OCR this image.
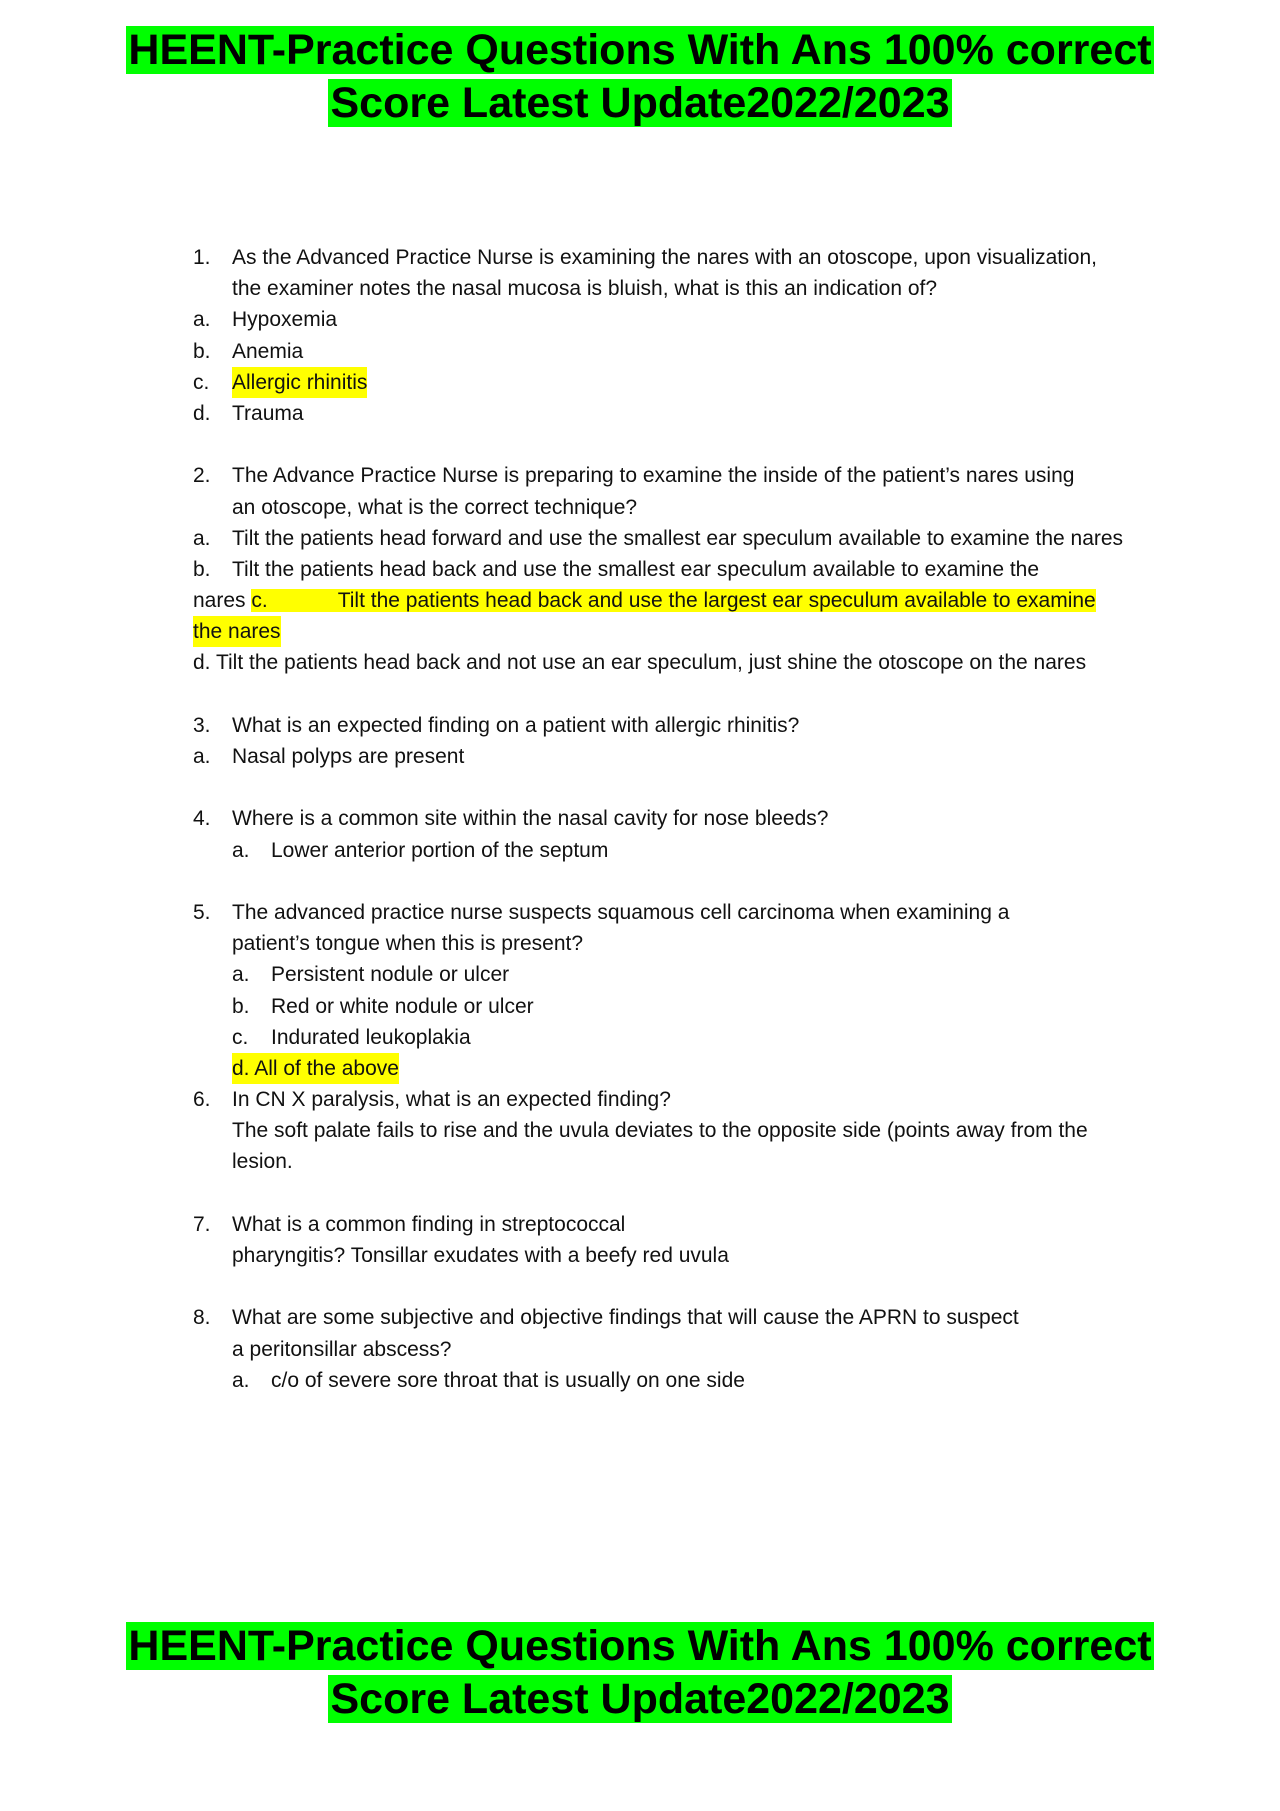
HEENT-Practice Questions With Ans 100% correct
Score Latest Update2022/2023
1. As the Advanced Practice Nurse is examining the nares with an otoscope, upon visualization,
the examiner notes the nasal mucosa is bluish, what is this an indication of?
a. Hypoxemia
b. Anemia
c. Allergic rhinitis
d. Trauma
2. The Advance Practice Nurse is preparing to examine the inside of the patient’s nares using
an otoscope, what is the correct technique?
a. Tilt the patients head forward and use the smallest ear speculum available to examine the nares
b. Tilt the patients head back and use the smallest ear speculum available to examine the
nares c.	Tilt the patients head back and use the largest ear speculum available to examine
the nares
d. Tilt the patients head back and not use an ear speculum, just shine the otoscope on the nares
3. What is an expected finding on a patient with allergic rhinitis?
a. Nasal polyps are present
4. Where is a common site within the nasal cavity for nose bleeds?
a. Lower anterior portion of the septum
5. The advanced practice nurse suspects squamous cell carcinoma when examining a
patient’s tongue when this is present?
a. Persistent nodule or ulcer
b. Red or white nodule or ulcer
c. Indurated leukoplakia
d. All of the above
6. In CN X paralysis, what is an expected finding?
The soft palate fails to rise and the uvula deviates to the opposite side (points away from the
lesion.
7. What is a common finding in streptococcal
pharyngitis? Tonsillar exudates with a beefy red uvula
8. What are some subjective and objective findings that will cause the APRN to suspect
a peritonsillar abscess?
a. c/o of severe sore throat that is usually on one side
HEENT-Practice Questions With Ans 100% correct
Score Latest Update2022/2023
